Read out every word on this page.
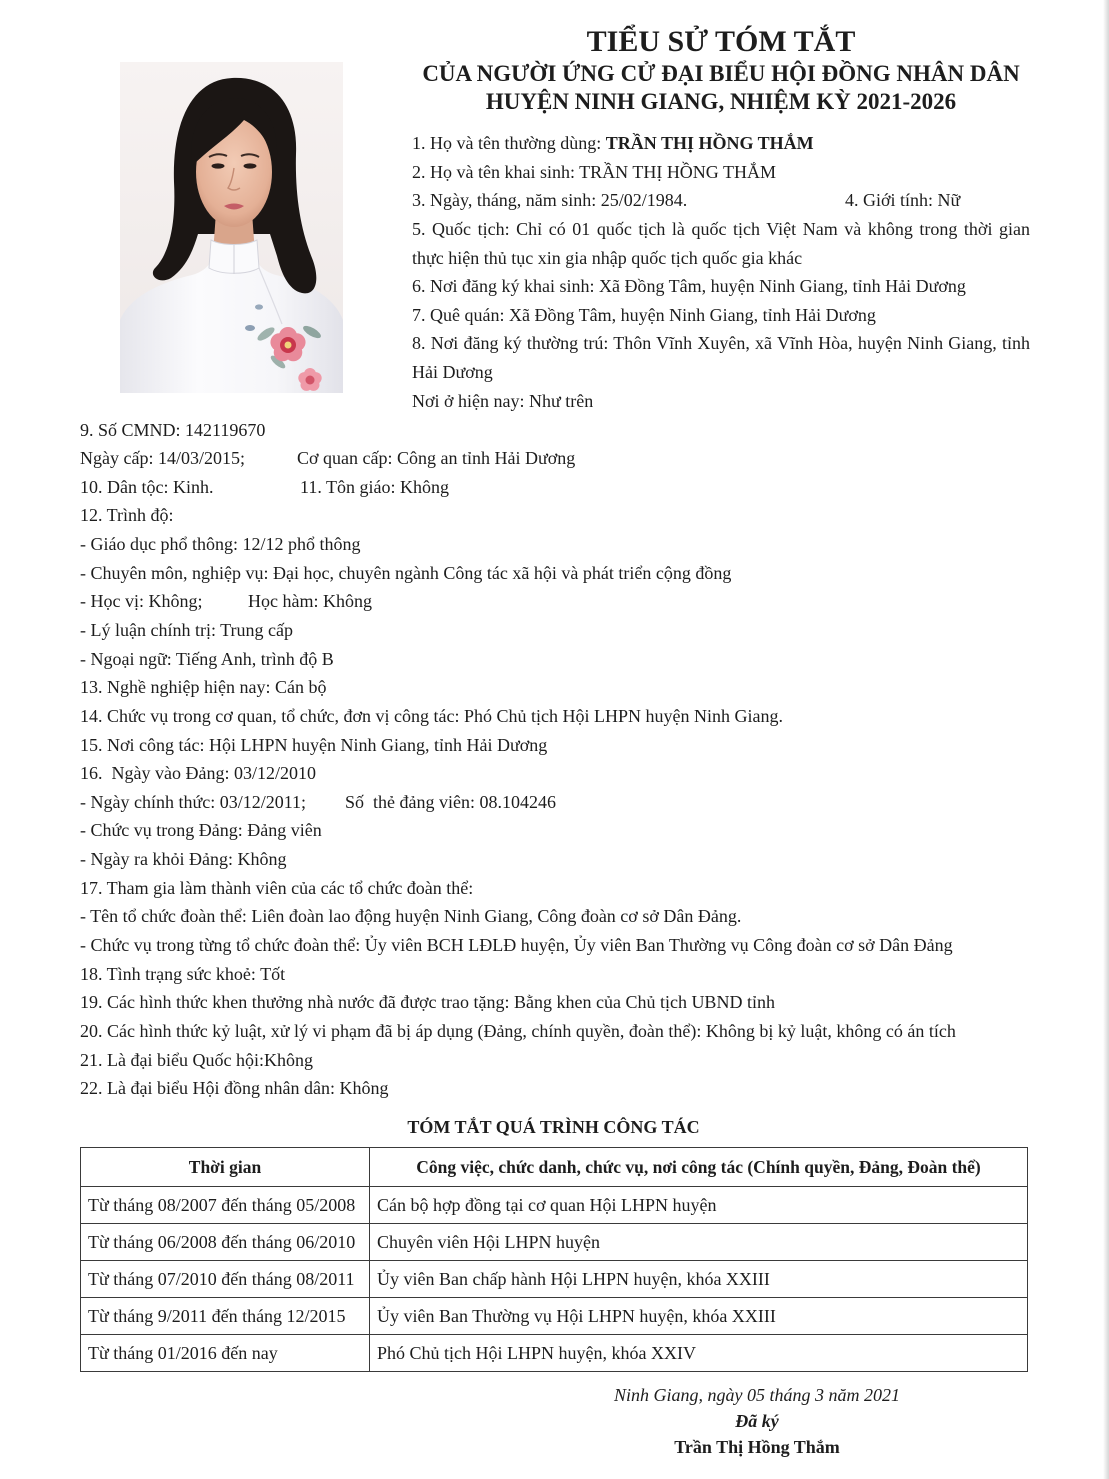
TIỂU SỬ TÓM TẮT
CỦA NGƯỜI ỨNG CỬ ĐẠI BIỂU HỘI ĐỒNG NHÂN DÂN
HUYỆN NINH GIANG, NHIỆM KỲ 2021-2026
1. Họ và tên thường dùng: TRẦN THỊ HỒNG THẮM
2. Họ và tên khai sinh: TRẦN THỊ HỒNG THẮM
3. Ngày, tháng, năm sinh: 25/02/1984.	4. Giới tính: Nữ
5. Quốc tịch: Chỉ có 01 quốc tịch là quốc tịch Việt Nam và không trong thời gian
thực hiện thủ tục xin gia nhập quốc tịch quốc gia khác
6. Nơi đăng ký khai sinh: Xã Đồng Tâm, huyện Ninh Giang, tỉnh Hải Dương
7. Quê quán: Xã Đồng Tâm, huyện Ninh Giang, tỉnh Hải Dương
8. Nơi đăng ký thường trú: Thôn Vĩnh Xuyên, xã Vĩnh Hòa, huyện Ninh Giang, tỉnh
Hải Dương
Nơi ở hiện nay: Như trên
9. Số CMND: 142119670
Ngày cấp: 14/03/2015;	Cơ quan cấp: Công an tỉnh Hải Dương
10. Dân tộc: Kinh.	11. Tôn giáo: Không
12. Trình độ:
- Giáo dục phổ thông: 12/12 phổ thông
- Chuyên môn, nghiệp vụ: Đại học, chuyên ngành Công tác xã hội và phát triển cộng đồng
- Học vị: Không;	Học hàm: Không
- Lý luận chính trị: Trung cấp
- Ngoại ngữ: Tiếng Anh, trình độ B
13. Nghề nghiệp hiện nay: Cán bộ
14. Chức vụ trong cơ quan, tổ chức, đơn vị công tác: Phó Chủ tịch Hội LHPN huyện Ninh Giang.
15. Nơi công tác: Hội LHPN huyện Ninh Giang, tỉnh Hải Dương
16.  Ngày vào Đảng: 03/12/2010
- Ngày chính thức: 03/12/2011; Số  thẻ đảng viên: 08.104246
- Chức vụ trong Đảng: Đảng viên
- Ngày ra khỏi Đảng: Không
17. Tham gia làm thành viên của các tổ chức đoàn thể:
- Tên tổ chức đoàn thể: Liên đoàn lao động huyện Ninh Giang, Công đoàn cơ sở Dân Đảng.
- Chức vụ trong từng tổ chức đoàn thể: Ủy viên BCH LĐLĐ huyện, Ủy viên Ban Thường vụ Công đoàn cơ sở Dân Đảng
18. Tình trạng sức khoẻ: Tốt
19. Các hình thức khen thưởng nhà nước đã được trao tặng: Bằng khen của Chủ tịch UBND tỉnh
20. Các hình thức kỷ luật, xử lý vi phạm đã bị áp dụng (Đảng, chính quyền, đoàn thể): Không bị kỷ luật, không có án tích
21. Là đại biểu Quốc hội:Không
22. Là đại biểu Hội đồng nhân dân: Không
TÓM TẮT QUÁ TRÌNH CÔNG TÁC
Thời gian	Công việc, chức danh, chức vụ, nơi công tác (Chính quyền, Đảng, Đoàn thể)
Từ tháng 08/2007 đến tháng 05/2008	Cán bộ hợp đồng tại cơ quan Hội LHPN huyện
Từ tháng 06/2008 đến tháng 06/2010	Chuyên viên Hội LHPN huyện
Từ tháng 07/2010 đến tháng 08/2011	Ủy viên Ban chấp hành Hội LHPN huyện, khóa XXIII
Từ tháng 9/2011 đến tháng 12/2015	Ủy viên Ban Thường vụ Hội LHPN huyện, khóa XXIII
Từ tháng 01/2016 đến nay	Phó Chủ tịch Hội LHPN huyện, khóa XXIV
Ninh Giang, ngày 05 tháng 3 năm 2021
Đã ký
Trần Thị Hồng Thắm
